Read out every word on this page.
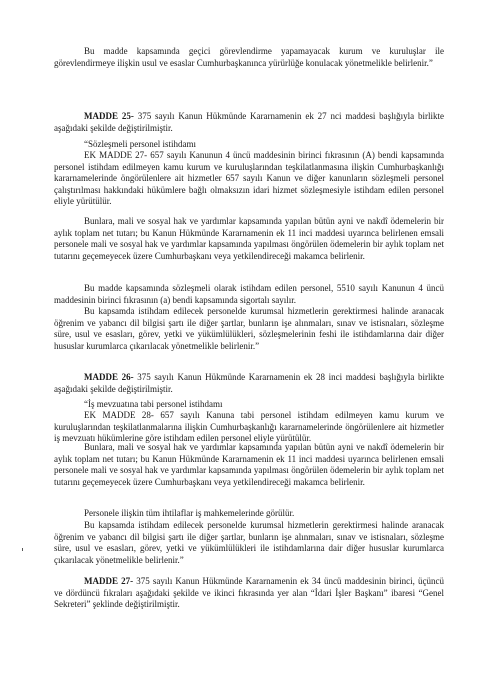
Bu madde kapsamında geçici görevlendirme yapamayacak kurum ve kuruluşlar ile görevlendirmeye ilişkin usul ve esaslar Cumhurbaşkanınca yürürlüğe konulacak yönetmelikle belirlenir.”

MADDE 25- 375 sayılı Kanun Hükmünde Kararnamenin ek 27 nci maddesi başlığıyla birlikte aşağıdaki şekilde değiştirilmiştir.

“Sözleşmeli personel istihdamı

EK MADDE 27- 657 sayılı Kanunun 4 üncü maddesinin birinci fıkrasının (A) bendi kapsamında personel istihdam edilmeyen kamu kurum ve kuruluşlarından teşkilatlanmasına ilişkin Cumhurbaşkanlığı kararnamelerinde öngörülenlere ait hizmetler 657 sayılı Kanun ve diğer kanunların sözleşmeli personel çalıştırılması hakkındaki hükümlere bağlı olmaksızın idari hizmet sözleşmesiyle istihdam edilen personel eliyle yürütülür.

Bunlara, mali ve sosyal hak ve yardımlar kapsamında yapılan bütün ayni ve nakdî ödemelerin bir aylık toplam net tutarı; bu Kanun Hükmünde Kararnamenin ek 11 inci maddesi uyarınca belirlenen emsali personele mali ve sosyal hak ve yardımlar kapsamında yapılması öngörülen ödemelerin bir aylık toplam net tutarını geçemeyecek üzere Cumhurbaşkanı veya yetkilendireceği makamca belirlenir.

Bu madde kapsamında sözleşmeli olarak istihdam edilen personel, 5510 sayılı Kanunun 4 üncü maddesinin birinci fıkrasının (a) bendi kapsamında sigortalı sayılır.

Bu kapsamda istihdam edilecek personelde kurumsal hizmetlerin gerektirmesi halinde aranacak öğrenim ve yabancı dil bilgisi şartı ile diğer şartlar, bunların işe alınmaları, sınav ve istisnaları, sözleşme süre, usul ve esasları, görev, yetki ve yükümlülükleri, sözleşmelerinin feshi ile istihdamlarına dair diğer hususlar kurumlarca çıkarılacak yönetmelikle belirlenir.”

MADDE 26- 375 sayılı Kanun Hükmünde Kararnamenin ek 28 inci maddesi başlığıyla birlikte aşağıdaki şekilde değiştirilmiştir.

“İş mevzuatına tabi personel istihdamı

EK MADDE 28- 657 sayılı Kanuna tabi personel istihdam edilmeyen kamu kurum ve kuruluşlarından teşkilatlanmalarına ilişkin Cumhurbaşkanlığı kararnamelerinde öngörülenlere ait hizmetler iş mevzuatı hükümlerine göre istihdam edilen personel eliyle yürütülür.

Bunlara, mali ve sosyal hak ve yardımlar kapsamında yapılan bütün ayni ve nakdî ödemelerin bir aylık toplam net tutarı; bu Kanun Hükmünde Kararnamenin ek 11 inci maddesi uyarınca belirlenen emsali personele mali ve sosyal hak ve yardımlar kapsamında yapılması öngörülen ödemelerin bir aylık toplam net tutarını geçemeyecek üzere Cumhurbaşkanı veya yetkilendireceği makamca belirlenir.

Personele ilişkin tüm ihtilaflar iş mahkemelerinde görülür.

Bu kapsamda istihdam edilecek personelde kurumsal hizmetlerin gerektirmesi halinde aranacak öğrenim ve yabancı dil bilgisi şartı ile diğer şartlar, bunların işe alınmaları, sınav ve istisnaları, sözleşme süre, usul ve esasları, görev, yetki ve yükümlülükleri ile istihdamlarına dair diğer hususlar kurumlarca çıkarılacak yönetmelikle belirlenir.”

MADDE 27- 375 sayılı Kanun Hükmünde Kararnamenin ek 34 üncü maddesinin birinci, üçüncü ve dördüncü fıkraları aşağıdaki şekilde ve ikinci fıkrasında yer alan “İdari İşler Başkanı” ibaresi “Genel Sekreteri” şeklinde değiştirilmiştir.
